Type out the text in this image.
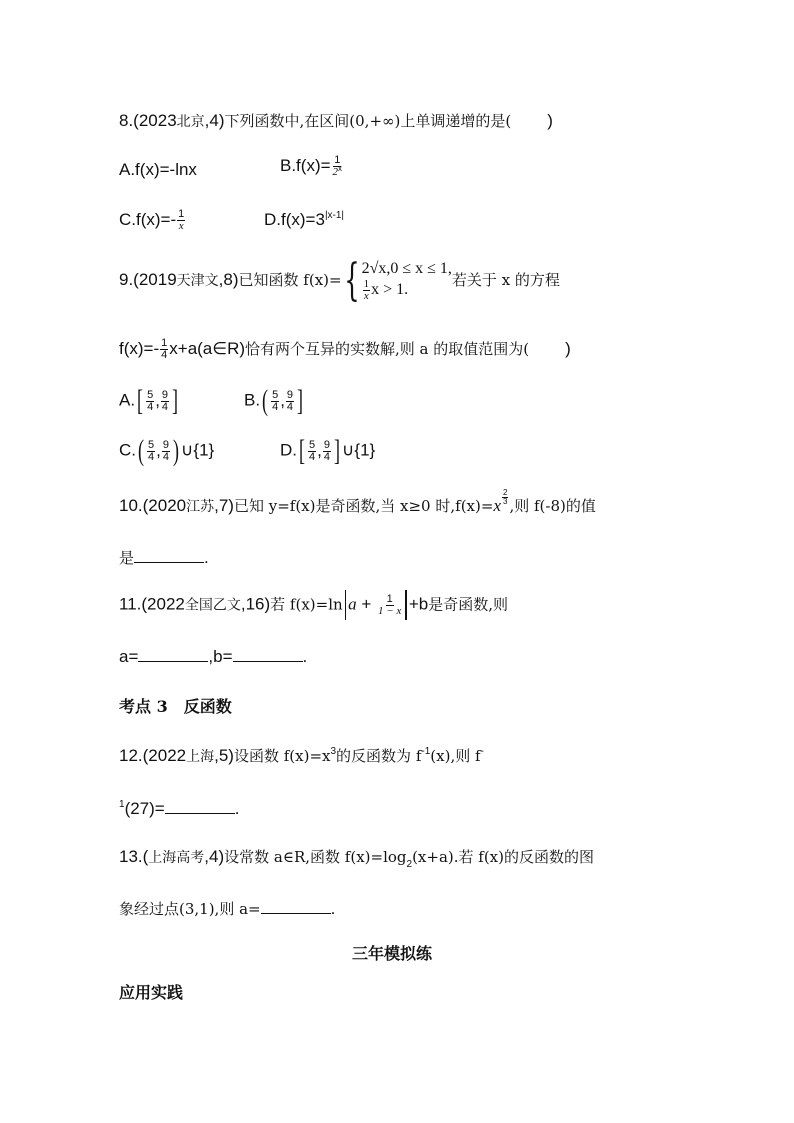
8.(2023北京,4)下列函数中,在区间(0,+∞)上单调递增的是( )
A.f(x)=-lnx	$B.f(x)= \frac{1}{2^x}$
$C.f(x)=- \frac{1}{x}$	$D.f(x)=3^{|x-1|}$
9.(2019天津文,8)已知函数 f(x)= { 2√x,0 ≤ x ≤ 1,
$\frac{1}{x}$ x > 1.
若关于 x 的方程
$f(x)=- \frac{1}{4}$ x+a(a∈R)恰有两个互异的实数解,则 a 的取值范围为( )
A. [ $\frac{5}{4}$ , $\frac{9}{4}$ ]	B. ( $\frac{5}{4}$ , $\frac{9}{4}$ ]
C. ( $\frac{5}{4}$ , $\frac{9}{4}$ ) ∪{1}	D. [ $\frac{5}{4}$ , $\frac{9}{4}$ ] ∪{1}
10.(2020江苏,7)已知 y=f(x)是奇函数,当 x≥0 时$,f(x)=x \frac{2}{3}$ ,则 f(-8)的值
是	.
11.(2022全国乙文,16)若 f(x)=ln $a + \frac{1}{1 - x} +b$是奇函数,则
a=	,b=	.
考点 3 反函数
12.(2022上海,5)设函数 $f(x)=x^3$的反函数为 $f^{-1}(x)$,则 f-
$^1$(27)=	.
13.(上海高考,4)设常数 a∈R,函数 $f(x)=\log_2(x+a)$.若 f(x)的反函数的图
象经过点(3,1),则 a=	.
三年模拟练
应用实践
